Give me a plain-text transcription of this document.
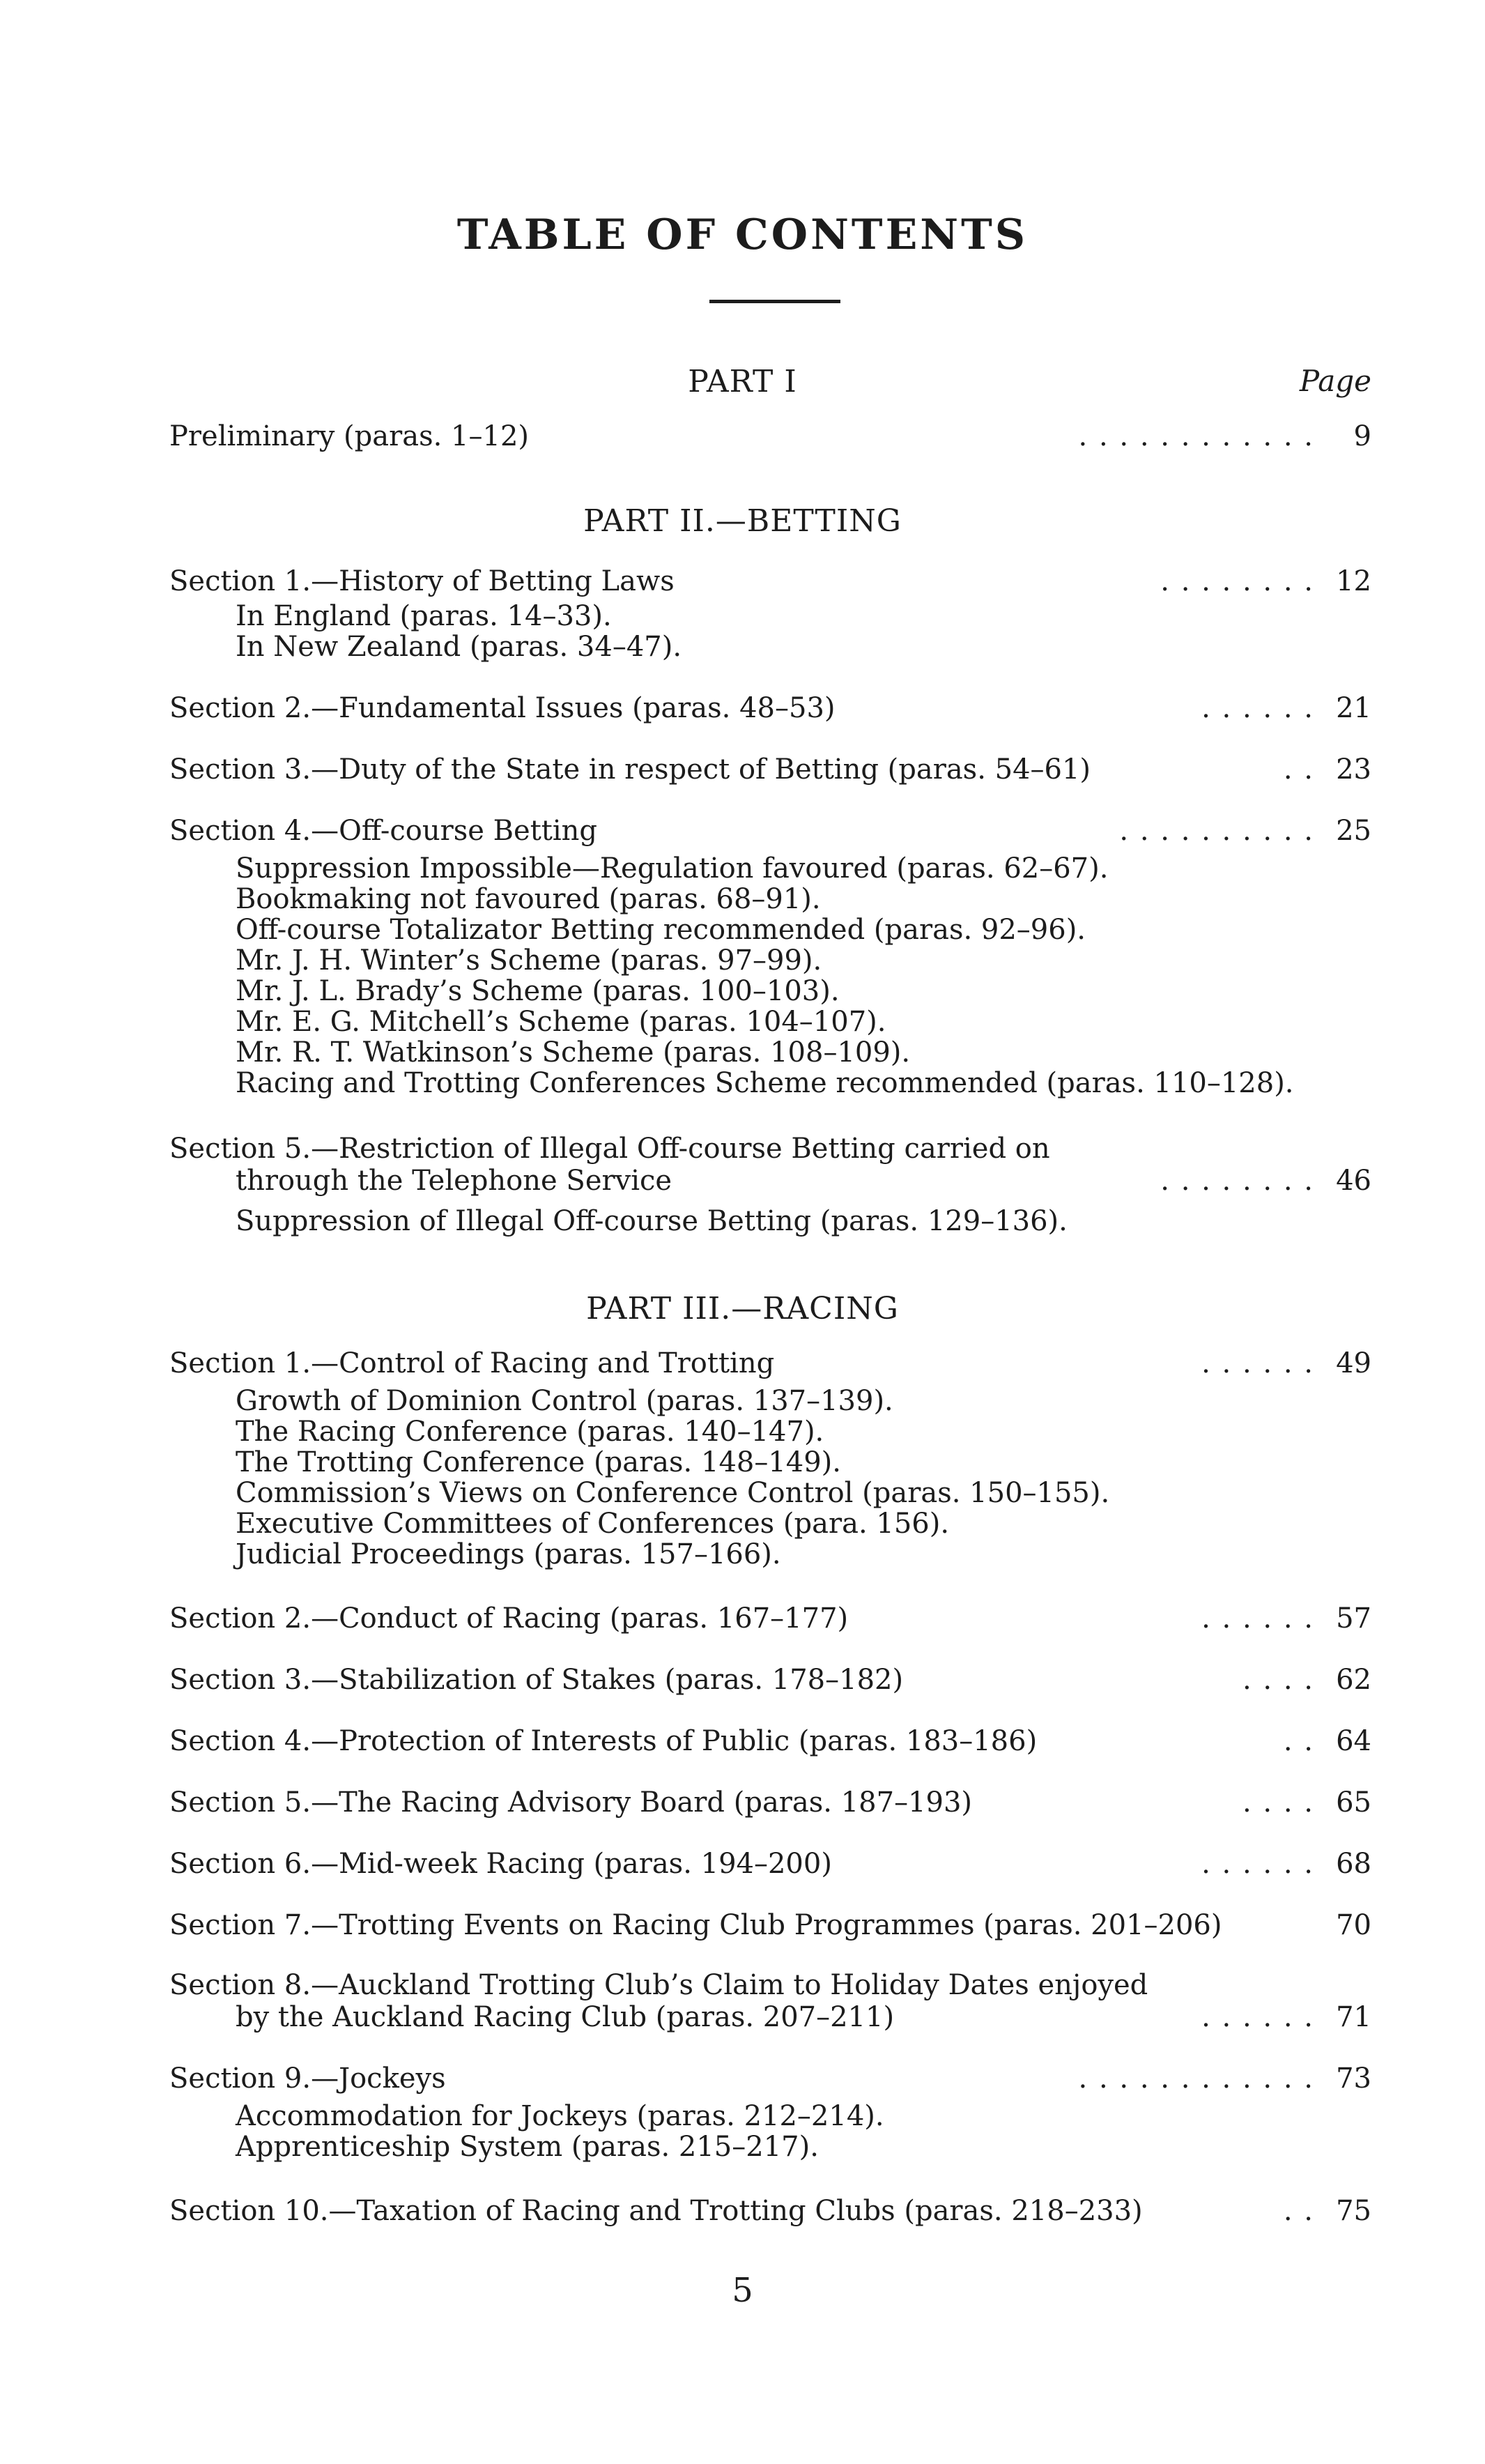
TABLE OF CONTENTS
PART I	Page
Preliminary (paras. 1–12)	. . . . . . . . . . . .	9
PART II.—BETTING
Section 1.—History of Betting Laws	. . . . . . . . 12
In England (paras. 14–33).
In New Zealand (paras. 34–47).
Section 2.—Fundamental Issues (paras. 48–53)	. . . . . . 21
Section 3.—Duty of the State in respect of Betting (paras. 54–61)	. . 23
Section 4.—Off-course Betting	. . . . . . . . . . 25
Suppression Impossible—Regulation favoured (paras. 62–67).
Bookmaking not favoured (paras. 68–91).
Off-course Totalizator Betting recommended (paras. 92–96).
Mr. J. H. Winter’s Scheme (paras. 97–99).
Mr. J. L. Brady’s Scheme (paras. 100–103).
Mr. E. G. Mitchell’s Scheme (paras. 104–107).
Mr. R. T. Watkinson’s Scheme (paras. 108–109).
Racing and Trotting Conferences Scheme recommended (paras. 110–128).
Section 5.—Restriction of Illegal Off-course Betting carried on
through the Telephone Service	. . . . . . . . 46
Suppression of Illegal Off-course Betting (paras. 129–136).
PART III.—RACING
Section 1.—Control of Racing and Trotting	. . . . . . 49
Growth of Dominion Control (paras. 137–139).
The Racing Conference (paras. 140–147).
The Trotting Conference (paras. 148–149).
Commission’s Views on Conference Control (paras. 150–155).
Executive Committees of Conferences (para. 156).
Judicial Proceedings (paras. 157–166).
Section 2.—Conduct of Racing (paras. 167–177)	. . . . . . 57
Section 3.—Stabilization of Stakes (paras. 178–182)	. . . . 62
Section 4.—Protection of Interests of Public (paras. 183–186)	. . 64
Section 5.—The Racing Advisory Board (paras. 187–193)	. . . . 65
Section 6.—Mid-week Racing (paras. 194–200)	. . . . . . 68
Section 7.—Trotting Events on Racing Club Programmes (paras. 201–206)	70
Section 8.—Auckland Trotting Club’s Claim to Holiday Dates enjoyed
by the Auckland Racing Club (paras. 207–211)	. . . . . . 71
Section 9.—Jockeys	. . . . . . . . . . . . 73
Accommodation for Jockeys (paras. 212–214).
Apprenticeship System (paras. 215–217).
Section 10.—Taxation of Racing and Trotting Clubs (paras. 218–233)	. . 75
5
